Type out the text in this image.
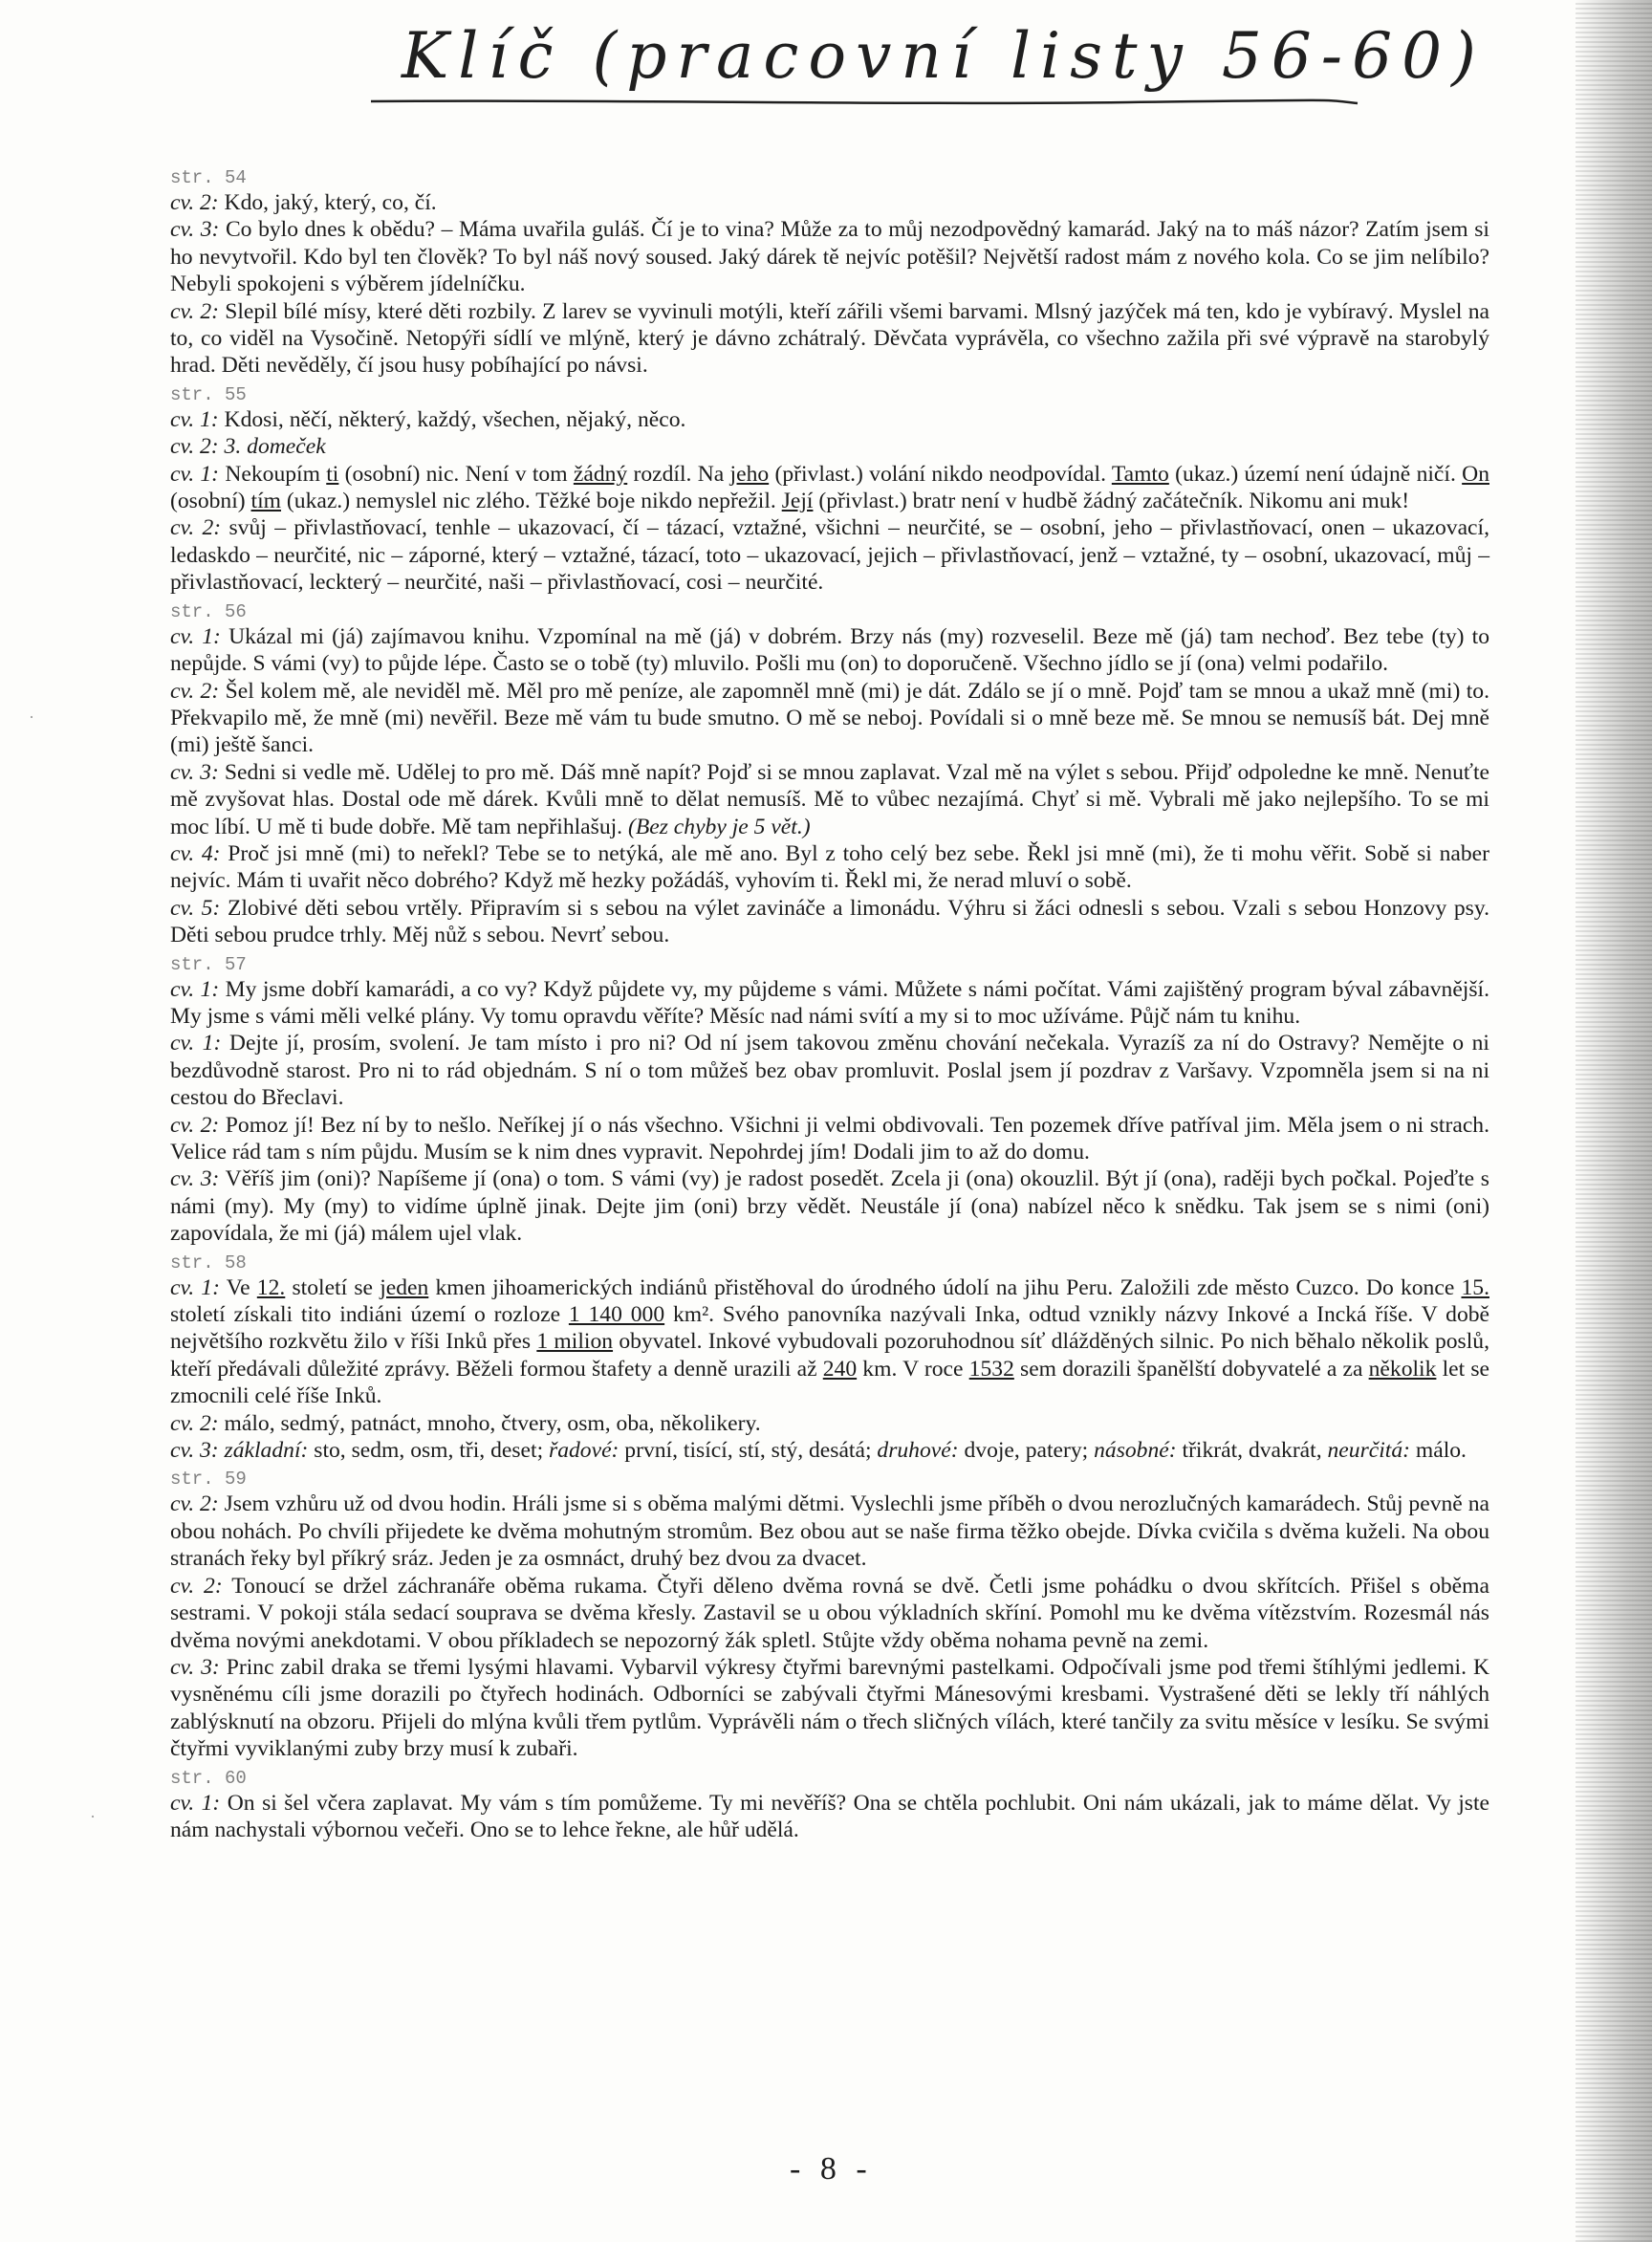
Klíč (pracovní listy 56-60)
str. 54

cv. 2: Kdo, jaký, který, co, čí.

cv. 3: Co bylo dnes k obědu? – Máma uvařila guláš. Čí je to vina? Může za to můj nezodpovědný kamarád. Jaký na to máš názor? Zatím jsem si ho nevytvořil. Kdo byl ten člověk? To byl náš nový soused. Jaký dárek tě nejvíc potěšil? Největší radost mám z nového kola. Co se jim nelíbilo? Nebyli spokojeni s výběrem jídelníčku.

cv. 2: Slepil bílé mísy, které děti rozbily. Z larev se vyvinuli motýli, kteří zářili všemi barvami. Mlsný jazýček má ten, kdo je vybíravý. Myslel na to, co viděl na Vysočině. Netopýři sídlí ve mlýně, který je dávno zchátralý. Děvčata vyprávěla, co všechno zažila při své výpravě na starobylý hrad. Děti nevěděly, čí jsou husy pobíhající po návsi.

str. 55

cv. 1: Kdosi, něčí, některý, každý, všechen, nějaký, něco.

cv. 2: 3. domeček

cv. 1: Nekoupím ti (osobní) nic. Není v tom žádný rozdíl. Na jeho (přivlast.) volání nikdo neodpovídal. Tamto (ukaz.) území není údajně ničí. On (osobní) tím (ukaz.) nemyslel nic zlého. Těžké boje nikdo nepřežil. Její (přivlast.) bratr není v hudbě žádný začátečník. Nikomu ani muk!

cv. 2: svůj – přivlastňovací, tenhle – ukazovací, čí – tázací, vztažné, všichni – neurčité, se – osobní, jeho – přivlastňovací, onen – ukazovací, ledaskdo – neurčité, nic – záporné, který – vztažné, tázací, toto – ukazovací, jejich – přivlastňovací, jenž – vztažné, ty – osobní, ukazovací, můj – přivlastňovací, leckterý – neurčité, naši – přivlastňovací, cosi – neurčité.

str. 56

cv. 1: Ukázal mi (já) zajímavou knihu. Vzpomínal na mě (já) v dobrém. Brzy nás (my) rozveselil. Beze mě (já) tam nechoď. Bez tebe (ty) to nepůjde. S vámi (vy) to půjde lépe. Často se o tobě (ty) mluvilo. Pošli mu (on) to doporučeně. Všechno jídlo se jí (ona) velmi podařilo.

cv. 2: Šel kolem mě, ale neviděl mě. Měl pro mě peníze, ale zapomněl mně (mi) je dát. Zdálo se jí o mně. Pojď tam se mnou a ukaž mně (mi) to. Překvapilo mě, že mně (mi) nevěřil. Beze mě vám tu bude smutno. O mě se neboj. Povídali si o mně beze mě. Se mnou se nemusíš bát. Dej mně (mi) ještě šanci.

cv. 3: Sedni si vedle mě. Udělej to pro mě. Dáš mně napít? Pojď si se mnou zaplavat. Vzal mě na výlet s sebou. Přijď odpoledne ke mně. Nenuťte mě zvyšovat hlas. Dostal ode mě dárek. Kvůli mně to dělat nemusíš. Mě to vůbec nezajímá. Chyť si mě. Vybrali mě jako nejlepšího. To se mi moc líbí. U mě ti bude dobře. Mě tam nepřihlašuj. (Bez chyby je 5 vět.)

cv. 4: Proč jsi mně (mi) to neřekl? Tebe se to netýká, ale mě ano. Byl z toho celý bez sebe. Řekl jsi mně (mi), že ti mohu věřit. Sobě si naber nejvíc. Mám ti uvařit něco dobrého? Když mě hezky požádáš, vyhovím ti. Řekl mi, že nerad mluví o sobě.

cv. 5: Zlobivé děti sebou vrtěly. Připravím si s sebou na výlet zavináče a limonádu. Výhru si žáci odnesli s sebou. Vzali s sebou Honzovy psy. Děti sebou prudce trhly. Měj nůž s sebou. Nevrť sebou.

str. 57

cv. 1: My jsme dobří kamarádi, a co vy? Když půjdete vy, my půjdeme s vámi. Můžete s námi počítat. Vámi zajištěný program býval zábavnější. My jsme s vámi měli velké plány. Vy tomu opravdu věříte? Měsíc nad námi svítí a my si to moc užíváme. Půjč nám tu knihu.

cv. 1: Dejte jí, prosím, svolení. Je tam místo i pro ni? Od ní jsem takovou změnu chování nečekala. Vyrazíš za ní do Ostravy? Nemějte o ni bezdůvodně starost. Pro ni to rád objednám. S ní o tom můžeš bez obav promluvit. Poslal jsem jí pozdrav z Varšavy. Vzpomněla jsem si na ni cestou do Břeclavi.

cv. 2: Pomoz jí! Bez ní by to nešlo. Neříkej jí o nás všechno. Všichni ji velmi obdivovali. Ten pozemek dříve patříval jim. Měla jsem o ni strach. Velice rád tam s ním půjdu. Musím se k nim dnes vypravit. Nepohrdej jím! Dodali jim to až do domu.

cv. 3: Věříš jim (oni)? Napíšeme jí (ona) o tom. S vámi (vy) je radost posedět. Zcela ji (ona) okouzlil. Být jí (ona), raději bych počkal. Pojeďte s námi (my). My (my) to vidíme úplně jinak. Dejte jim (oni) brzy vědět. Neustále jí (ona) nabízel něco k snědku. Tak jsem se s nimi (oni) zapovídala, že mi (já) málem ujel vlak.

str. 58

cv. 1: Ve 12. století se jeden kmen jihoamerických indiánů přistěhoval do úrodného údolí na jihu Peru. Založili zde město Cuzco. Do konce 15. století získali tito indiáni území o rozloze 1 140 000 km². Svého panovníka nazývali Inka, odtud vznikly názvy Inkové a Incká říše. V době největšího rozkvětu žilo v říši Inků přes 1 milion obyvatel. Inkové vybudovali pozoruhodnou síť dlážděných silnic. Po nich běhalo několik poslů, kteří předávali důležité zprávy. Běželi formou štafety a denně urazili až 240 km. V roce 1532 sem dorazili španělští dobyvatelé a za několik let se zmocnili celé říše Inků.

cv. 2: málo, sedmý, patnáct, mnoho, čtvery, osm, oba, několikery.

cv. 3: základní: sto, sedm, osm, tři, deset; řadové: první, tisící, stí, stý, desátá; druhové: dvoje, patery; násobné: třikrát, dvakrát, neurčitá: málo.

str. 59

cv. 2: Jsem vzhůru už od dvou hodin. Hráli jsme si s oběma malými dětmi. Vyslechli jsme příběh o dvou nerozlučných kamarádech. Stůj pevně na obou nohách. Po chvíli přijedete ke dvěma mohutným stromům. Bez obou aut se naše firma těžko obejde. Dívka cvičila s dvěma kuželi. Na obou stranách řeky byl příkrý sráz. Jeden je za osmnáct, druhý bez dvou za dvacet.

cv. 2: Tonoucí se držel záchranáře oběma rukama. Čtyři děleno dvěma rovná se dvě. Četli jsme pohádku o dvou skřítcích. Přišel s oběma sestrami. V pokoji stála sedací souprava se dvěma křesly. Zastavil se u obou výkladních skříní. Pomohl mu ke dvěma vítězstvím. Rozesmál nás dvěma novými anekdotami. V obou příkladech se nepozorný žák spletl. Stůjte vždy oběma nohama pevně na zemi.

cv. 3: Princ zabil draka se třemi lysými hlavami. Vybarvil výkresy čtyřmi barevnými pastelkami. Odpočívali jsme pod třemi štíhlými jedlemi. K vysněnému cíli jsme dorazili po čtyřech hodinách. Odborníci se zabývali čtyřmi Mánesovými kresbami. Vystrašené děti se lekly tří náhlých zablýsknutí na obzoru. Přijeli do mlýna kvůli třem pytlům. Vyprávěli nám o třech sličných vílách, které tančily za svitu měsíce v lesíku. Se svými čtyřmi vyviklanými zuby brzy musí k zubaři.

str. 60

cv. 1: On si šel včera zaplavat. My vám s tím pomůžeme. Ty mi nevěříš? Ona se chtěla pochlubit. Oni nám ukázali, jak to máme dělat. Vy jste nám nachystali výbornou večeři. Ono se to lehce řekne, ale hůř udělá.

·
·
- 8 -
